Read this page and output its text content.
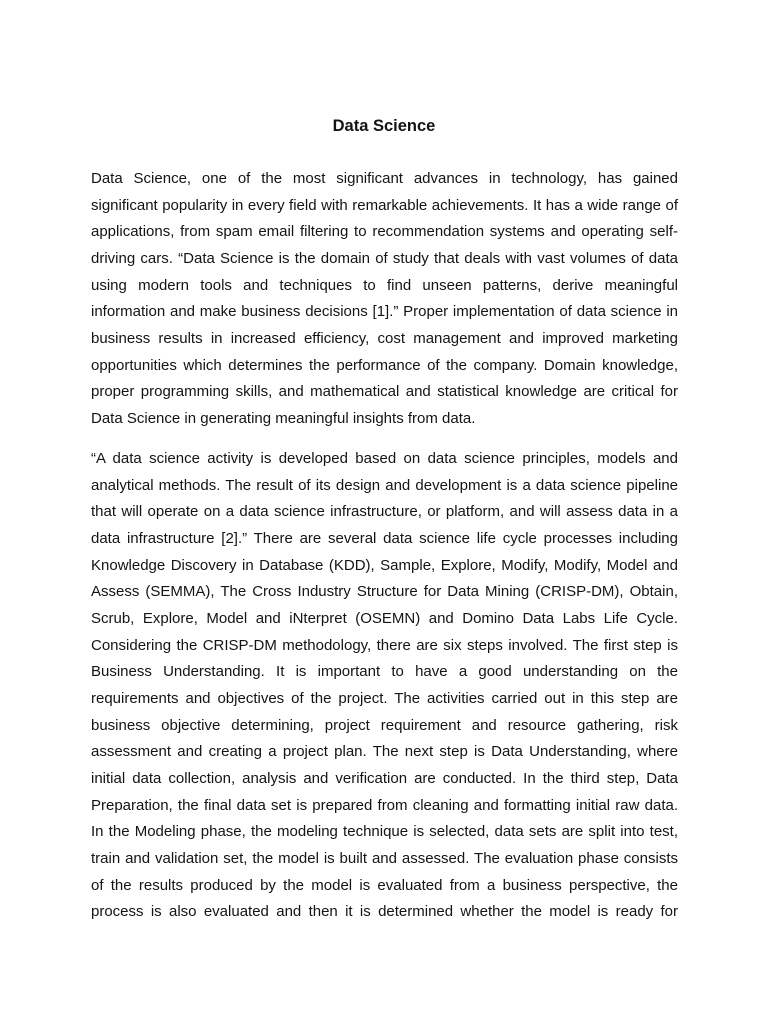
Data Science

Data Science, one of the most significant advances in technology, has gained
significant popularity in every field with remarkable achievements. It has a wide range of
applications, from spam email filtering to recommendation systems and operating self-
driving cars. “Data Science is the domain of study that deals with vast volumes of data
using modern tools and techniques to find unseen patterns, derive meaningful
information and make business decisions [1].” Proper implementation of data science in
business results in increased efficiency, cost management and improved marketing
opportunities which determines the performance of the company. Domain knowledge,
proper programming skills, and mathematical and statistical knowledge are critical for
Data Science in generating meaningful insights from data.

“A data science activity is developed based on data science principles, models and
analytical methods. The result of its design and development is a data science pipeline
that will operate on a data science infrastructure, or platform, and will assess data in a
data infrastructure [2].” There are several data science life cycle processes including
Knowledge Discovery in Database (KDD), Sample, Explore, Modify, Modify, Model and
Assess (SEMMA), The Cross Industry Structure for Data Mining (CRISP-DM), Obtain,
Scrub, Explore, Model and iNterpret (OSEMN) and Domino Data Labs Life Cycle.
Considering the CRISP-DM methodology, there are six steps involved. The first step is
Business Understanding. It is important to have a good understanding on the
requirements and objectives of the project. The activities carried out in this step are
business objective determining, project requirement and resource gathering, risk
assessment and creating a project plan. The next step is Data Understanding, where
initial data collection, analysis and verification are conducted. In the third step, Data
Preparation, the final data set is prepared from cleaning and formatting initial raw data.
In the Modeling phase, the modeling technique is selected, data sets are split into test,
train and validation set, the model is built and assessed. The evaluation phase consists
of the results produced by the model is evaluated from a business perspective, the
process is also evaluated and then it is determined whether the model is ready for
